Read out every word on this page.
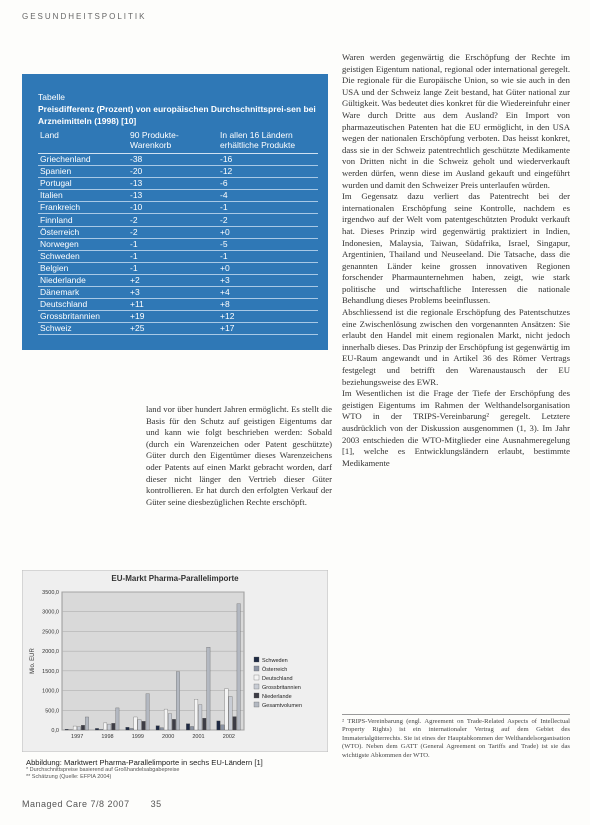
GESUNDHEITSPOLITIK
Tabelle
Preisdifferenz (Prozent) von europäischen Durchschnittsprei-sen bei Arzneimitteln (1998) [10]
Land	90 Produkte-Warenkorb	In allen 16 Ländern erhältliche Produkte
Griechenland	-38	-16
Spanien	-20	-12
Portugal	-13	-6
Italien	-13	-4
Frankreich	-10	-1
Finnland	-2	-2
Österreich	-2	+0
Norwegen	-1	-5
Schweden	-1	-1
Belgien	-1	+0
Niederlande	+2	+3
Dänemark	+3	+4
Deutschland	+11	+8
Grossbritannien	+19	+12
Schweiz	+25	+17

land vor über hundert Jahren ermöglicht. Es stellt die Basis für den Schutz auf geistigen Eigentums dar und kann wie folgt beschrieben werden: Sobald (durch ein Warenzeichen oder Patent geschützte) Güter durch den Eigentümer dieses Warenzeichens oder Patents auf einen Markt gebracht worden, darf dieser nicht länger den Vertrieb dieser Güter kontrollieren. Er hat durch den erfolgten Verkauf der Güter seine diesbezüglichen Rechte erschöpft.

Waren werden gegenwärtig die Erschöpfung der Rechte im geistigen Eigentum national, regional oder international geregelt. Die regionale für die Europäische Union, so wie sie auch in den USA und der Schweiz lange Zeit bestand, hat Güter national zur Gültigkeit. Was bedeutet dies konkret für die Wiedereinfuhr einer Ware durch Dritte aus dem Ausland? Ein Import von pharmazeutischen Patenten hat die EU ermöglicht, in den USA wegen der nationalen Erschöpfung verboten. Das heisst konkret, dass sie in der Schweiz patentrechtlich geschützte Medikamente von Dritten nicht in die Schweiz geholt und wiederverkauft werden dürfen, wenn diese im Ausland gekauft und eingeführt wurden und damit den Schweizer Preis unterlaufen würden.

Im Gegensatz dazu verliert das Patentrecht bei der internationalen Erschöpfung seine Kontrolle, nachdem es irgendwo auf der Welt vom patentgeschützten Produkt verkauft hat. Dieses Prinzip wird gegenwärtig praktiziert in Indien, Indonesien, Malaysia, Taiwan, Südafrika, Israel, Singapur, Argentinien, Thailand und Neuseeland. Die Tatsache, dass die genannten Länder keine grossen innovativen Regionen forschender Pharmaunternehmen haben, zeigt, wie stark politische und wirtschaftliche Interessen die nationale Behandlung dieses Problems beeinflussen.

Abschliessend ist die regionale Erschöpfung des Patentschutzes eine Zwischenlösung zwischen den vorgenannten Ansätzen: Sie erlaubt den Handel mit einem regionalen Markt, nicht jedoch innerhalb dieses. Das Prinzip der Erschöpfung ist gegenwärtig im EU-Raum angewandt und in Artikel 36 des Römer Vertrags festgelegt und betrifft den Warenaustausch der EU beziehungsweise des EWR.

Im Wesentlichen ist die Frage der Tiefe der Erschöpfung des geistigen Eigentums im Rahmen der Welthandelsorganisation WTO in der TRIPS-Vereinbarung² geregelt. Letztere ausdrücklich von der Diskussion ausgenommen (1, 3). Im Jahr 2003 entschieden die WTO-Mitglieder eine Ausnahmeregelung [1], welche es Entwicklungsländern erlaubt, bestimmte Medikamente

² TRIPS-Vereinbarung (engl. Agreement on Trade-Related Aspects of Intellectual Property Rights) ist ein internationaler Vertrag auf dem Gebiet des Immaterialgüterrechts. Sie ist eines der Hauptabkommen der Welthandelsorganisation (WTO). Neben dem GATT (General Agreement on Tariffs and Trade) ist sie das wichtigste Abkommen der WTO.
EU-Markt Pharma-Parallelimporte
3500,0
3000,0
2500,0
2000,0
1500,0
1000,0
500,0
0,0
Mio. EUR
1997	1998	1999	2000	2001	2002
Schweden
Österreich
Deutschland
Grossbritannien
Niederlande
Gesamtvolumen
Abbildung: Marktwert Pharma-Parallelimporte in sechs EU-Ländern [1]
* Durchschnittspreise basierend auf Großhandelsabgabepreise
** Schätzung (Quelle: EFPIA 2004)
Managed Care 7/8 2007 35
